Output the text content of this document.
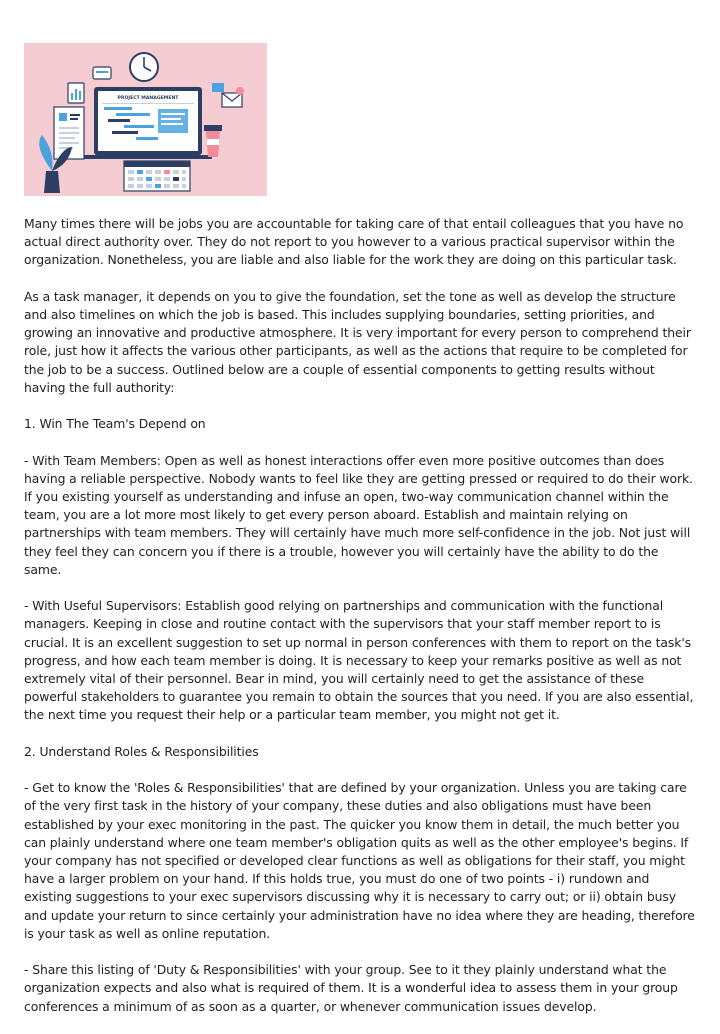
PROJECT MANAGEMENT

Many times there will be jobs you are accountable for taking care of that entail colleagues that you have no actual direct authority over. They do not report to you however to a various practical supervisor within the organization. Nonetheless, you are liable and also liable for the work they are doing on this particular task.

As a task manager, it depends on you to give the foundation, set the tone as well as develop the structure and also timelines on which the job is based. This includes supplying boundaries, setting priorities, and growing an innovative and productive atmosphere. It is very important for every person to comprehend their role, just how it affects the various other participants, as well as the actions that require to be completed for the job to be a success. Outlined below are a couple of essential components to getting results without having the full authority:

1. Win The Team's Depend on

- With Team Members: Open as well as honest interactions offer even more positive outcomes than does having a reliable perspective. Nobody wants to feel like they are getting pressed or required to do their work. If you existing yourself as understanding and infuse an open, two-way communication channel within the team, you are a lot more most likely to get every person aboard. Establish and maintain relying on partnerships with team members. They will certainly have much more self-confidence in the job. Not just will they feel they can concern you if there is a trouble, however you will certainly have the ability to do the same.

- With Useful Supervisors: Establish good relying on partnerships and communication with the functional managers. Keeping in close and routine contact with the supervisors that your staff member report to is crucial. It is an excellent suggestion to set up normal in person conferences with them to report on the task's progress, and how each team member is doing. It is necessary to keep your remarks positive as well as not extremely vital of their personnel. Bear in mind, you will certainly need to get the assistance of these powerful stakeholders to guarantee you remain to obtain the sources that you need. If you are also essential, the next time you request their help or a particular team member, you might not get it.

2. Understand Roles & Responsibilities

- Get to know the 'Roles & Responsibilities' that are defined by your organization. Unless you are taking care of the very first task in the history of your company, these duties and also obligations must have been established by your exec monitoring in the past. The quicker you know them in detail, the much better you can plainly understand where one team member's obligation quits as well as the other employee's begins. If your company has not specified or developed clear functions as well as obligations for their staff, you might have a larger problem on your hand. If this holds true, you must do one of two points - i) rundown and existing suggestions to your exec supervisors discussing why it is necessary to carry out; or ii) obtain busy and update your return to since certainly your administration have no idea where they are heading, therefore is your task as well as online reputation.

- Share this listing of 'Duty & Responsibilities' with your group. See to it they plainly understand what the organization expects and also what is required of them. It is a wonderful idea to assess them in your group conferences a minimum of as soon as a quarter, or whenever communication issues develop.
